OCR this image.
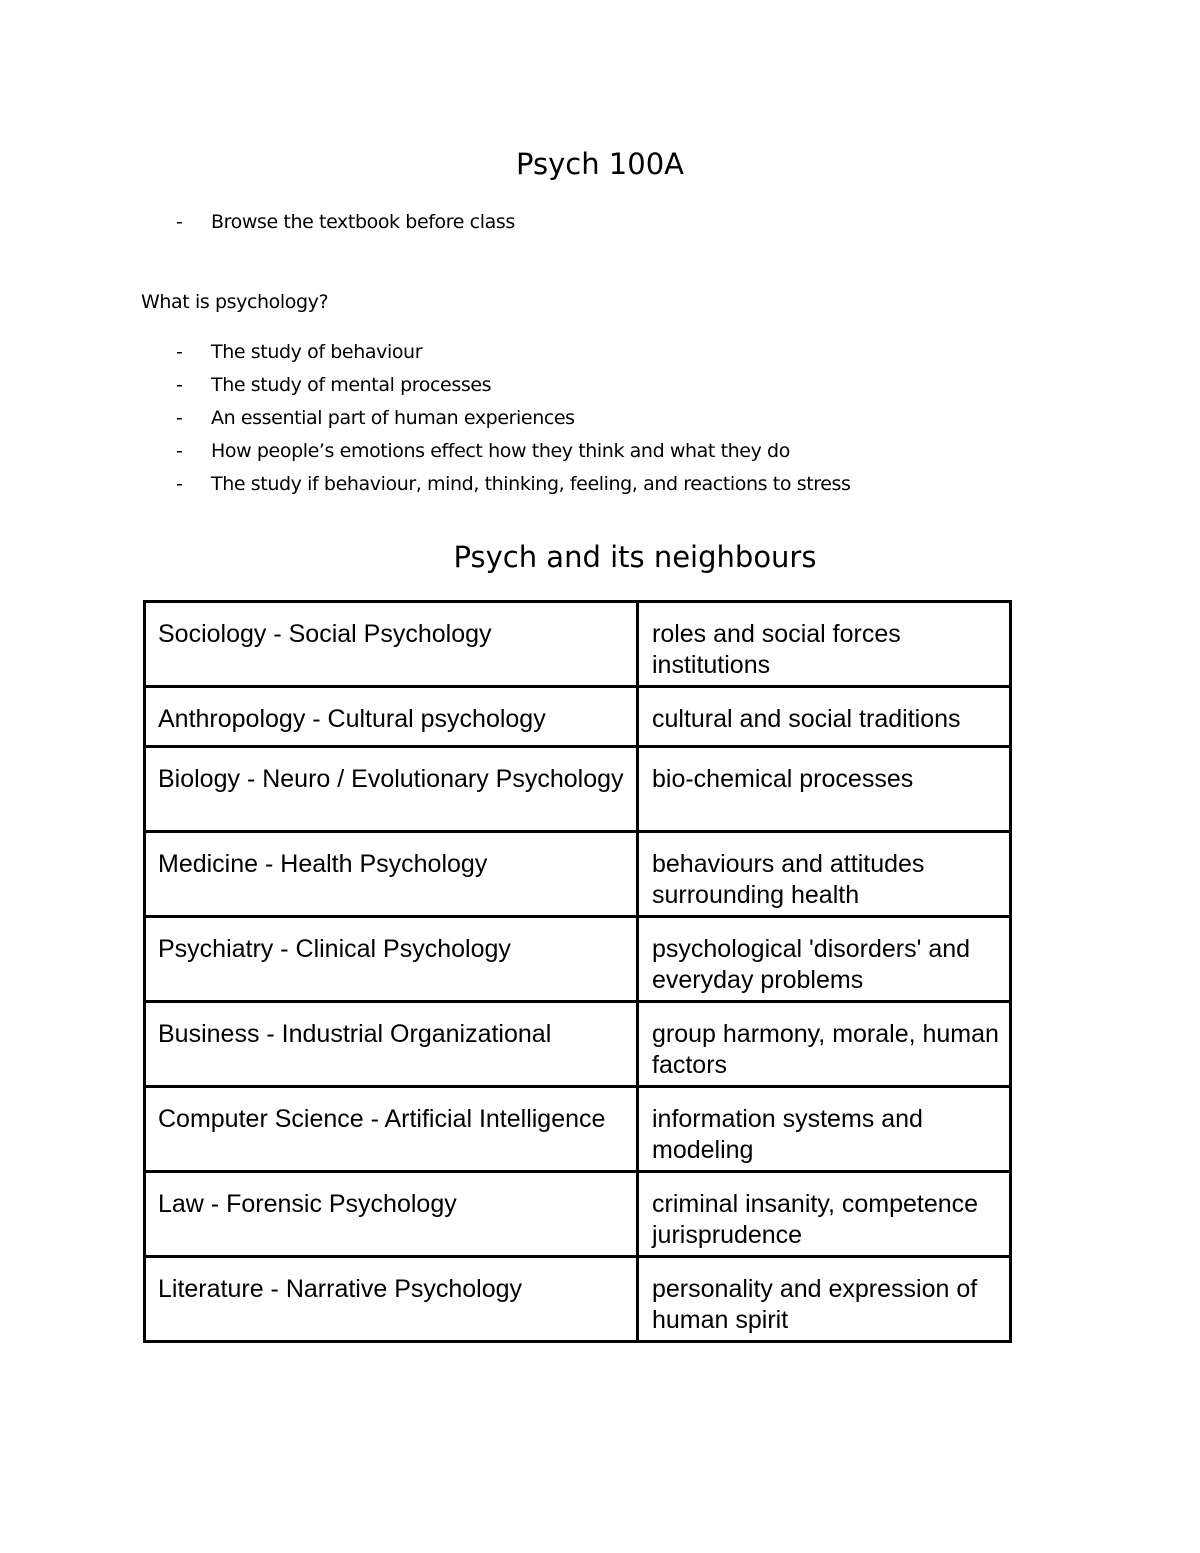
Psych 100A
- Browse the textbook before class
What is psychology?
- The study of behaviour
- The study of mental processes
- An essential part of human experiences
- How people’s emotions effect how they think and what they do
- The study if behaviour, mind, thinking, feeling, and reactions to stress
Psych and its neighbours
Sociology - Social Psychology	roles and social forces institutions
Anthropology - Cultural psychology	cultural and social traditions
Biology - Neuro / Evolutionary Psychology	bio-chemical processes
Medicine - Health Psychology	behaviours and attitudes surrounding health
Psychiatry - Clinical Psychology	psychological 'disorders' and everyday problems
Business - Industrial Organizational	group harmony, morale, human factors
Computer Science - Artificial Intelligence	information systems and modeling
Law - Forensic Psychology	criminal insanity, competence jurisprudence
Literature - Narrative Psychology	personality and expression of human spirit
